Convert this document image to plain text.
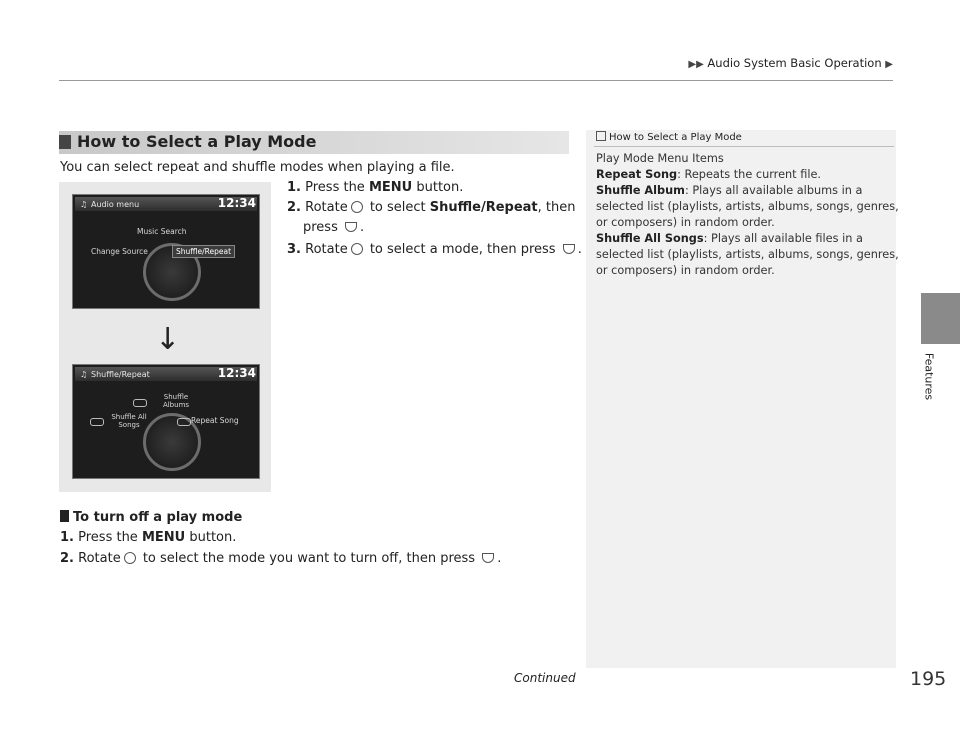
▶▶ Audio System Basic Operation ▶
Features
How to Select a Play Mode
You can select repeat and shuffle modes when playing a file.
1. Press the MENU button.
2. Rotate to select Shuffle/Repeat, then
press .
3. Rotate to select a mode, then press .
♫ Audio menu	12:34
Music Search
Change Source	Shuffle/Repeat
↓
♫ Shuffle/Repeat	12:34
Shuffle Albums
Shuffle All Songs	Repeat Song
To turn off a play mode
1. Press the MENU button.
2. Rotate to select the mode you want to turn off, then press .
How to Select a Play Mode
Play Mode Menu Items
Repeat Song: Repeats the current file.
Shuffle Album: Plays all available albums in a
selected list (playlists, artists, albums, songs, genres,
or composers) in random order.
Shuffle All Songs: Plays all available files in a
selected list (playlists, artists, albums, songs, genres,
or composers) in random order.
Continued	195
